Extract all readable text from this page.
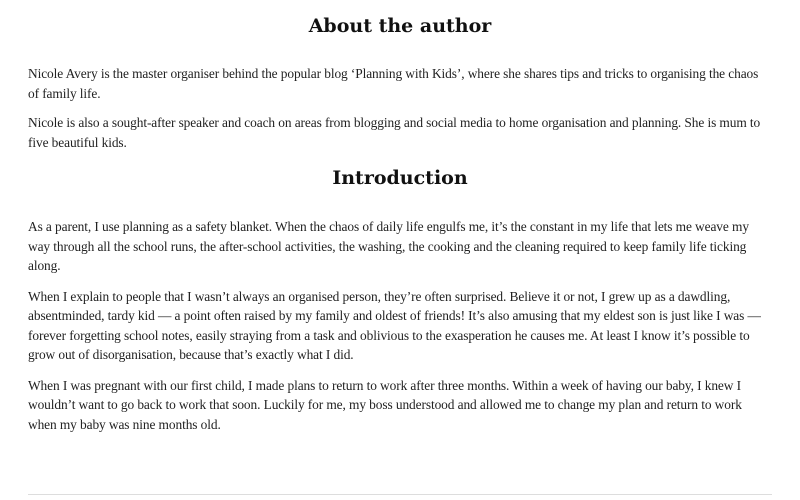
About the author

Nicole Avery is the master organiser behind the popular blog ‘Planning with Kids’, where she shares tips and tricks to organising the chaos of family life.

Nicole is also a sought-after speaker and coach on areas from blogging and social media to home organisation and planning. She is mum to five beautiful kids.

Introduction

As a parent, I use planning as a safety blanket. When the chaos of daily life engulfs me, it’s the constant in my life that lets me weave my way through all the school runs, the after-school activities, the washing, the cooking and the cleaning required to keep family life ticking along.

When I explain to people that I wasn’t always an organised person, they’re often surprised. Believe it or not, I grew up as a dawdling, absentminded, tardy kid — a point often raised by my family and oldest of friends! It’s also amusing that my eldest son is just like I was — forever forgetting school notes, easily straying from a task and oblivious to the exasperation he causes me. At least I know it’s possible to grow out of disorganisation, because that’s exactly what I did.

When I was pregnant with our first child, I made plans to return to work after three months. Within a week of having our baby, I knew I wouldn’t want to go back to work that soon. Luckily for me, my boss understood and allowed me to change my plan and return to work when my baby was nine months old.
